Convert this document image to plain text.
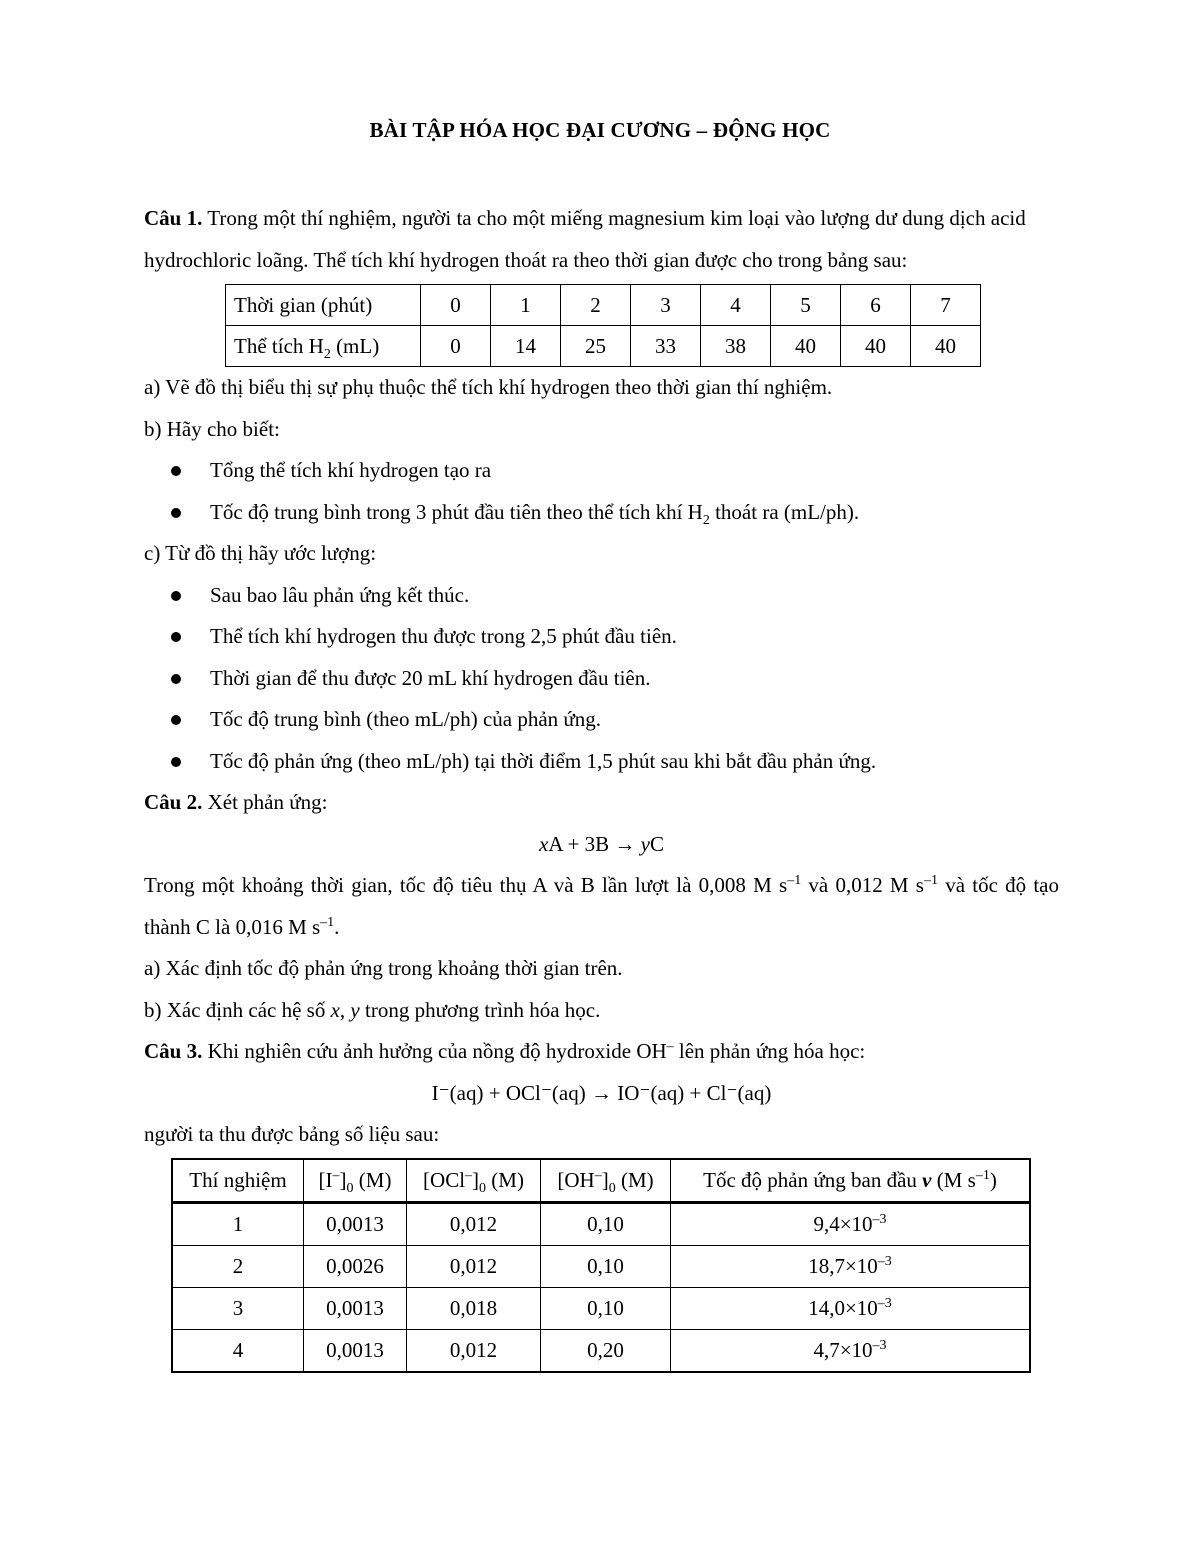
BÀI TẬP HÓA HỌC ĐẠI CƯƠNG – ĐỘNG HỌC

Câu 1. Trong một thí nghiệm, người ta cho một miếng magnesium kim loại vào lượng dư dung dịch acid hydrochloric loãng. Thể tích khí hydrogen thoát ra theo thời gian được cho trong bảng sau:

Thời gian (phút)	0	1	2	3	4	5	6	7
Thể tích $H_2$ (mL)	0	14	25	33	38	40	40	40

a) Vẽ đồ thị biểu thị sự phụ thuộc thể tích khí hydrogen theo thời gian thí nghiệm.

b) Hãy cho biết:

Tổng thể tích khí hydrogen tạo ra
Tốc độ trung bình trong 3 phút đầu tiên theo thể tích khí $H_2$ thoát ra (mL/ph).

c) Từ đồ thị hãy ước lượng:

Sau bao lâu phản ứng kết thúc.
Thể tích khí hydrogen thu được trong 2,5 phút đầu tiên.
Thời gian để thu được 20 mL khí hydrogen đầu tiên.
Tốc độ trung bình (theo mL/ph) của phản ứng.
Tốc độ phản ứng (theo mL/ph) tại thời điểm 1,5 phút sau khi bắt đầu phản ứng.

Câu 2. Xét phản ứng:

xA + 3B → yC

Trong một khoảng thời gian, tốc độ tiêu thụ A và B lần lượt là 0,008 M $s^{-1}$ và 0,012 M $s^{-1}$ và tốc độ tạo thành C là 0,016 M $s^{-1}$.

a) Xác định tốc độ phản ứng trong khoảng thời gian trên.

b) Xác định các hệ số x, y trong phương trình hóa học.

Câu 3. Khi nghiên cứu ảnh hưởng của nồng độ hydroxide OH– lên phản ứng hóa học:

I⁻(aq) + OCl⁻(aq) → IO⁻(aq) + Cl⁻(aq)

người ta thu được bảng số liệu sau:

Thí nghiệm	$[I^-]_0$ (M)	$[OCl^-]_0$ (M)	$[OH^-]_0$ (M)	Tốc độ phản ứng ban đầu v (M $s^{-1}$)
1	0,0013	0,012	0,10	$9,4\times 10^{-3}$
2	0,0026	0,012	0,10	$18,7\times 10^{-3}$
3	0,0013	0,018	0,10	$14,0\times 10^{-3}$
4	0,0013	0,012	0,20	$4,7\times 10^{-3}$
